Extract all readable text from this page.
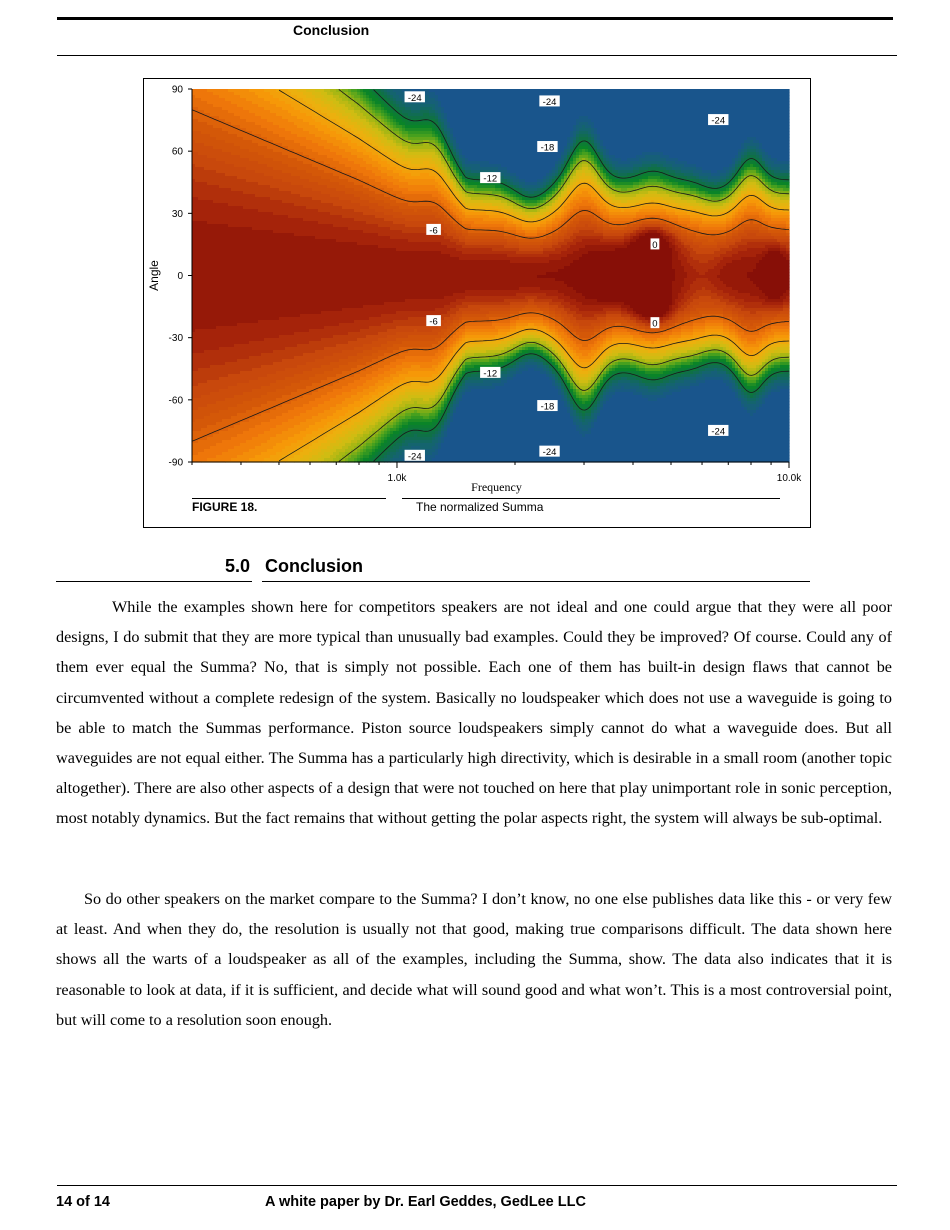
Conclusion
90
60
30
0
-30
-60
-90
1.0k	10.0k
Frequency
Angle
-24	-24
-24
-18
-12
-6
0
-6	0
-12
-18
-24
-24
-24
FIGURE 18.	The normalized Summa
5.0 Conclusion

While the examples shown here for competitors speakers are not ideal and one could argue that they were all poor designs, I do submit that they are more typical than unusually bad examples. Could they be improved? Of course. Could any of them ever equal the Summa? No, that is simply not possible. Each one of them has built-in design flaws that cannot be circumvented without a complete redesign of the system. Basically no loudspeaker which does not use a waveguide is going to be able to match the Summas performance. Piston source loudspeakers simply cannot do what a waveguide does. But all waveguides are not equal either. The Summa has a particularly high directivity, which is desirable in a small room (another topic altogether). There are also other aspects of a design that were not touched on here that play unimportant role in sonic perception, most notably dynamics. But the fact remains that without getting the polar aspects right, the system will always be sub-optimal.

So do other speakers on the market compare to the Summa? I don’t know, no one else publishes data like this - or very few at least. And when they do, the resolution is usually not that good, making true comparisons difficult. The data shown here shows all the warts of a loudspeaker as all of the examples, including the Summa, show. The data also indicates that it is reasonable to look at data, if it is sufficient, and decide what will sound good and what won’t. This is a most controversial point, but will come to a resolution soon enough.

14 of 14	A white paper by Dr. Earl Geddes, GedLee LLC
